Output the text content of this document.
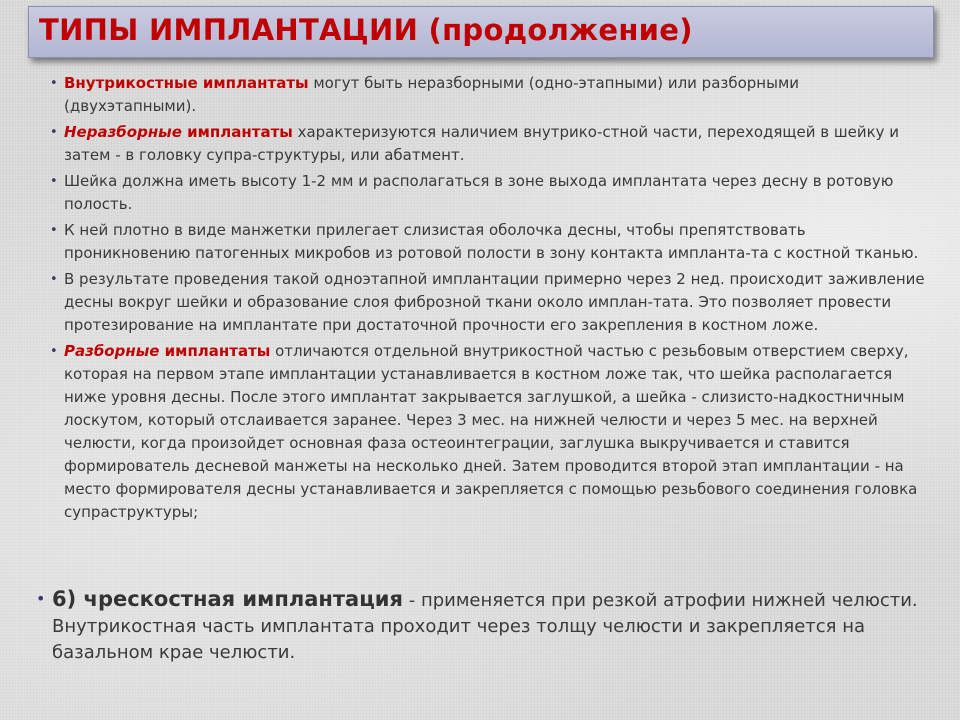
ТИПЫ ИМПЛАНТАЦИИ (продолжение)
• Внутрикостные имплантаты могут быть неразборными (одно-этапными) или разборными (двухэтапными).
• Неразборные имплантаты характеризуются наличием внутрико-стной части, переходящей в шейку и затем - в головку супра-структуры, или абатмент.
• Шейка должна иметь высоту 1-2 мм и располагаться в зоне выхода имплантата через десну в ротовую полость.
• К ней плотно в виде манжетки прилегает слизистая оболочка десны, чтобы препятствовать проникновению патогенных микробов из ротовой полости в зону контакта импланта-та с костной тканью.
• В результате проведения такой одноэтапной имплантации примерно через 2 нед. происходит заживление десны вокруг шейки и образование слоя фиброзной ткани около имплан-тата. Это позволяет провести протезирование на имплантате при достаточной прочности его закрепления в костном ложе.
• Разборные имплантаты отличаются отдельной внутрикостной частью с резьбовым отверстием сверху, которая на первом этапе имплантации устанавливается в костном ложе так, что шейка располагается ниже уровня десны. После этого имплантат закрывается заглушкой, а шейка - слизисто-надкостничным лоскутом, который отслаивается заранее. Через 3 мес. на нижней челюсти и через 5 мес. на верхней челюсти, когда произойдет основная фаза остеоинтеграции, заглушка выкручивается и ставится формирователь десневой манжеты на несколько дней. Затем проводится второй этап имплантации - на место формирователя десны устанавливается и закрепляется с помощью резьбового соединения головка супраструктуры;
• 6) чрескостная имплантация - применяется при резкой атрофии нижней челюсти. Внутрикостная часть имплантата проходит через толщу челюсти и закрепляется на базальном крае челюсти.
